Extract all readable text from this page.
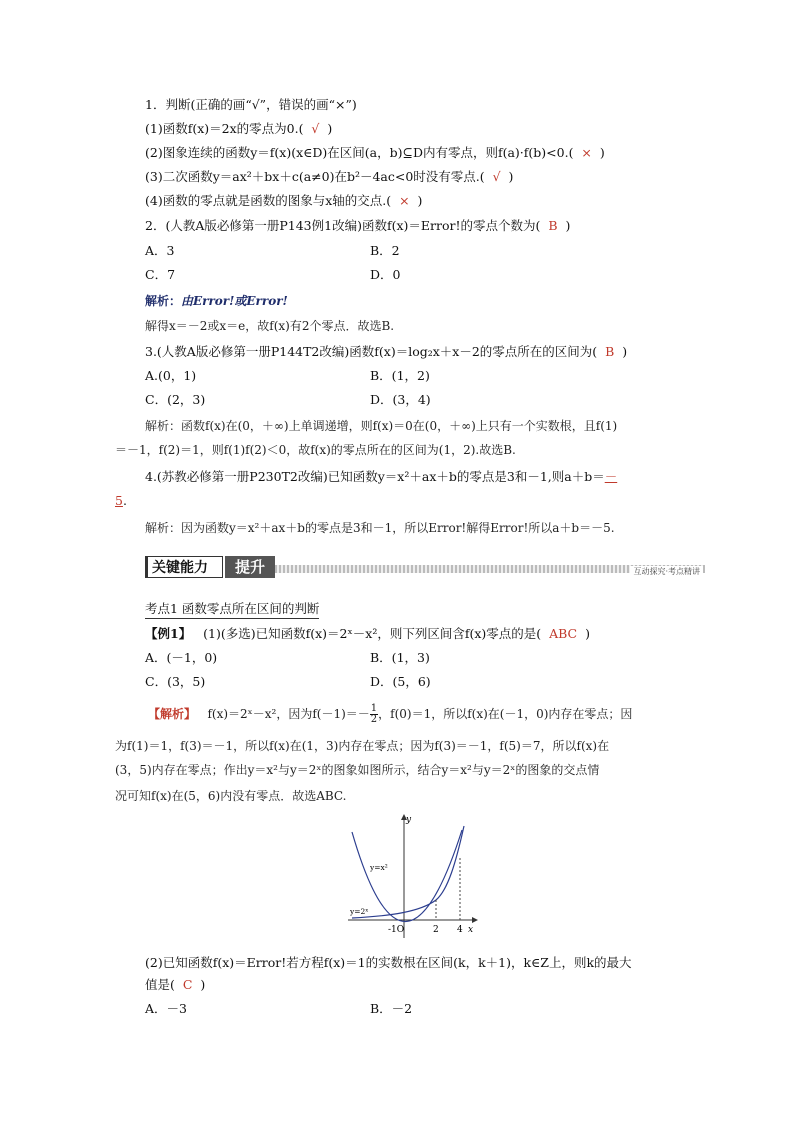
1．判断(正确的画“√”，错误的画“×”)
(1)函数f(x)＝2x的零点为0.( √ )
(2)图象连续的函数y＝f(x)(x∈D)在区间(a，b)⊆D内有零点，则f(a)·f(b)<0.( × )
(3)二次函数y＝ax²＋bx＋c(a≠0)在b²－4ac<0时没有零点.( √ )
(4)函数的零点就是函数的图象与x轴的交点.( × )
2．(人教A版必修第一册P143例1改编)函数f(x)＝Error!的零点个数为( B )
A．3	B．2
C．7	D．0
解析：由Error!或Error!
解得x＝－2或x＝e，故f(x)有2个零点．故选B.
3.(人教A版必修第一册P144T2改编)函数f(x)＝log₂x＋x－2的零点所在的区间为( B )
A.(0，1)	B．(1，2)
C．(2，3)	D．(3，4)
解析：函数f(x)在(0，＋∞)上单调递增，则f(x)＝0在(0，＋∞)上只有一个实数根，且f(1)
＝－1，f(2)＝1，则f(1)f(2)＜0，故f(x)的零点所在的区间为(1，2).故选B.
4.(苏教必修第一册P230T2改编)已知函数y＝x²＋ax＋b的零点是3和－1,则a＋b＝－
5.
解析：因为函数y＝x²＋ax＋b的零点是3和－1，所以Error!解得Error!所以a＋b＝－5.
关键能力	提升	互动探究·考点精讲
考点1 函数零点所在区间的判断
【例1】 (1)(多选)已知函数f(x)＝2ˣ－x²，则下列区间含f(x)零点的是( ABC )
A．(－1，0)	B．(1，3)
C．(3，5)	D．(5，6)
【解析】 f(x)＝2ˣ－x²，因为$f(-1)=- \frac{1}{2}$ ，f(0)＝1，所以f(x)在(－1，0)内存在零点；因
为f(1)＝1，f(3)＝－1，所以f(x)在(1，3)内存在零点；因为f(3)＝－1，f(5)＝7，所以f(x)在
(3，5)内存在零点；作出y＝x²与y＝2ˣ的图象如图所示，结合y＝x²与y＝2ˣ的图象的交点情
况可知f(x)在(5，6)内没有零点．故选ABC.
y
x
y=x²
y=2ˣ
-1O	2 4
(2)已知函数f(x)＝Error!若方程f(x)＝1的实数根在区间(k，k＋1)，k∈Z上，则k的最大
值是( C )
A．－3	B．－2
